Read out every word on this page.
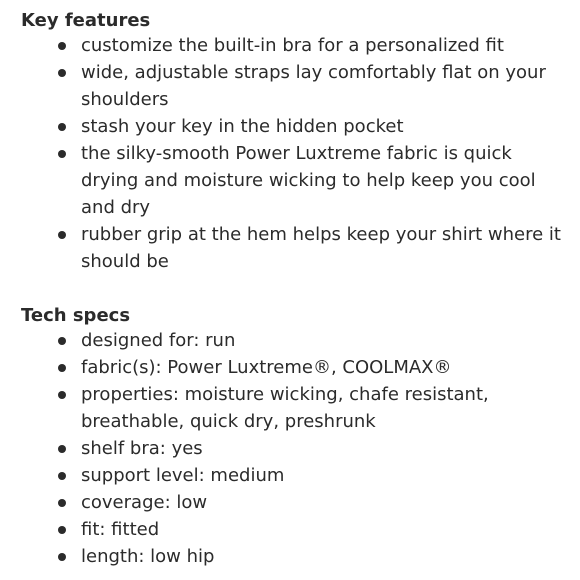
Key features
customize the built-in bra for a personalized fit
wide, adjustable straps lay comfortably flat on your shoulders
stash your key in the hidden pocket
the silky-smooth Power Luxtreme fabric is quick drying and moisture wicking to help keep you cool and dry
rubber grip at the hem helps keep your shirt where it should be
Tech specs
designed for: run
fabric(s): Power Luxtreme®, COOLMAX®
properties: moisture wicking, chafe resistant, breathable, quick dry, preshrunk
shelf bra: yes
support level: medium
coverage: low
fit: fitted
length: low hip
